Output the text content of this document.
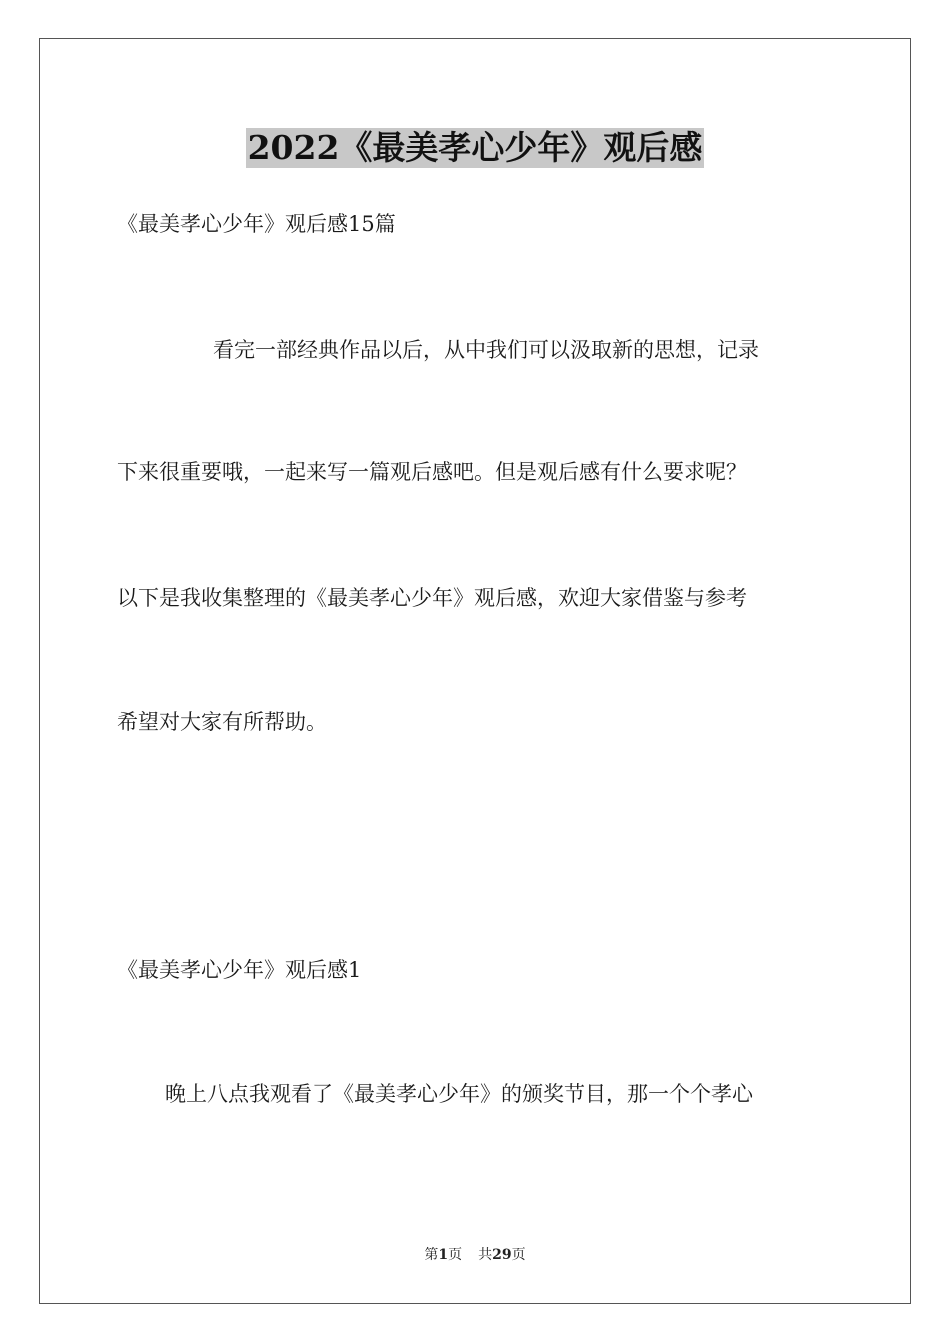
2022《最美孝心少年》观后感
《最美孝心少年》观后感15篇
看完一部经典作品以后，从中我们可以汲取新的思想，记录
下来很重要哦，一起来写一篇观后感吧。但是观后感有什么要求呢？
以下是我收集整理的《最美孝心少年》观后感，欢迎大家借鉴与参考
希望对大家有所帮助。
《最美孝心少年》观后感1
晚上八点我观看了《最美孝心少年》的颁奖节目，那一个个孝心
第1页 共29页
